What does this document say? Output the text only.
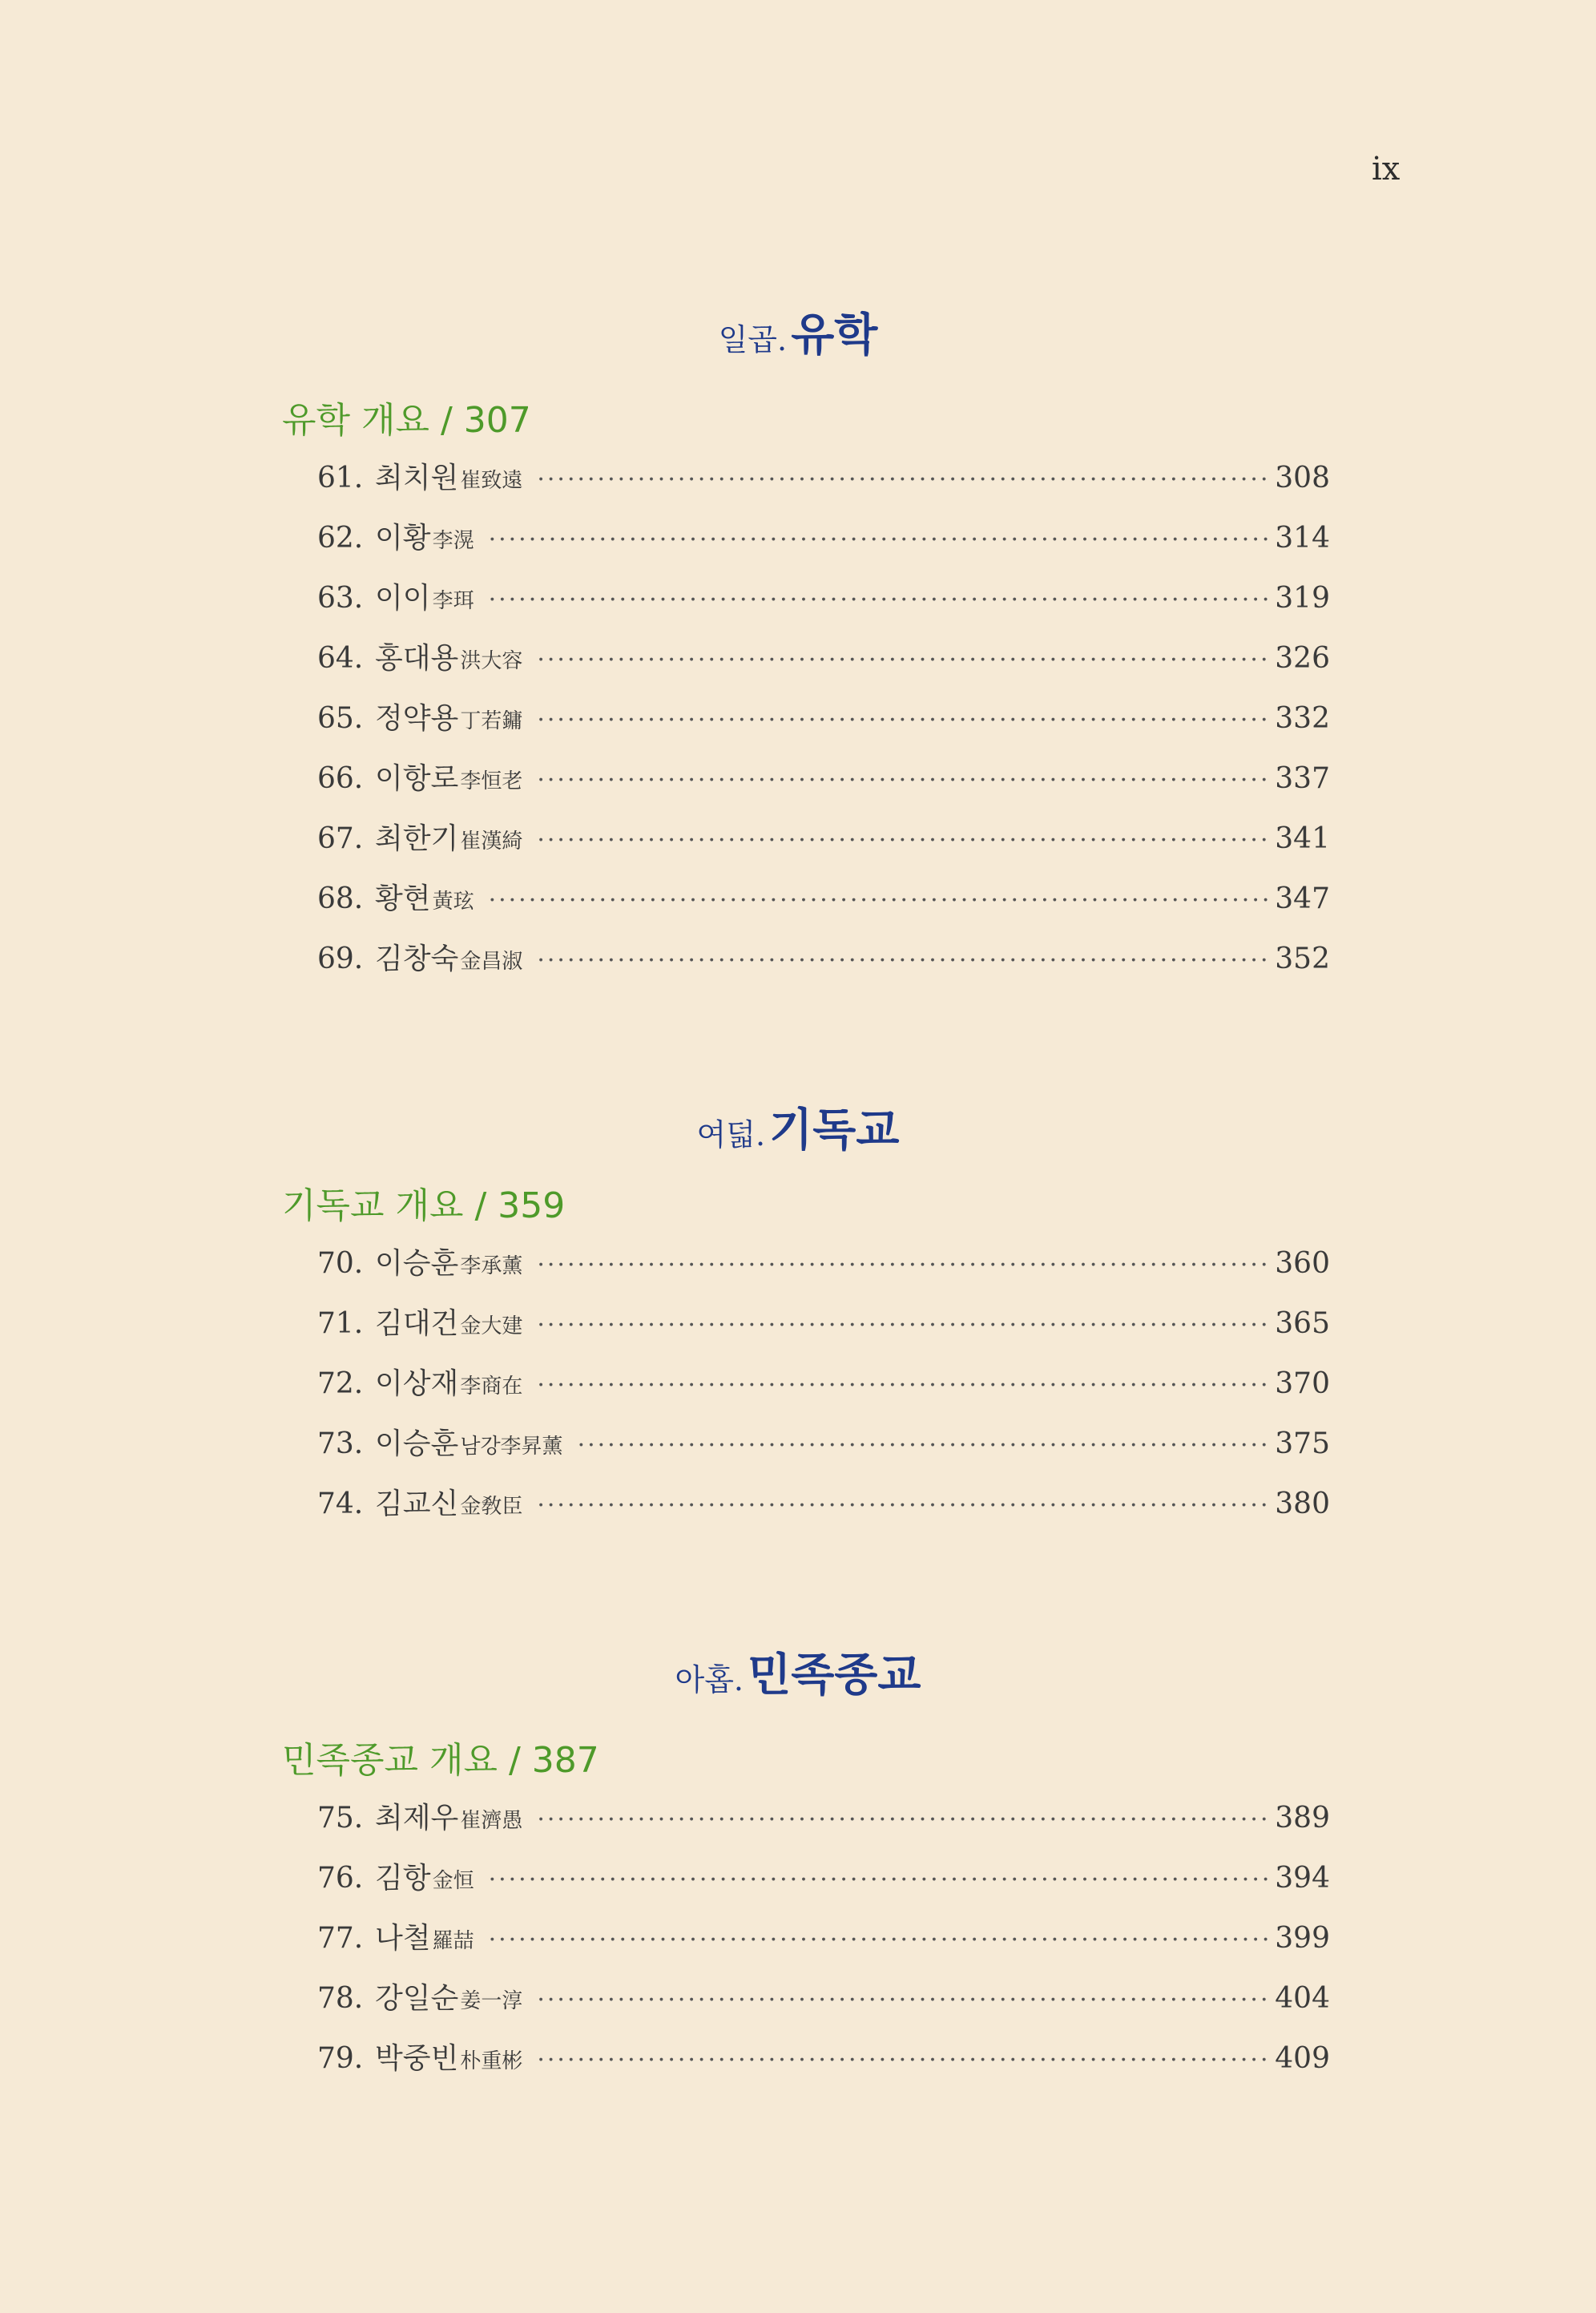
ix
일곱. 유학
유학 개요 / 307
61. 최치원 崔致遠 ·····	308
62. 이황 李滉 ·····	314
63. 이이 李珥 ·····	319
64. 홍대용 洪大容 ·····	326
65. 정약용 丁若鏞 ·····	332
66. 이항로 李恒老 ·····	337
67. 최한기 崔漢綺 ·····	341
68. 황현 黃玹 ·····	347
69. 김창숙 金昌淑 ·····	352
여덟. 기독교
기독교 개요 / 359
70. 이승훈 李承薰 ·····	360
71. 김대건 金大建 ·····	365
72. 이상재 李商在 ·····	370
73. 이승훈 남강李昇薰 ·····	375
74. 김교신 金敎臣 ·····	380
아홉. 민족종교
민족종교 개요 / 387
75. 최제우 崔濟愚 ·····	389
76. 김항 金恒 ·····	394
77. 나철 羅喆 ·····	399
78. 강일순 姜一淳 ·····	404
79. 박중빈 朴重彬 ·····	409
